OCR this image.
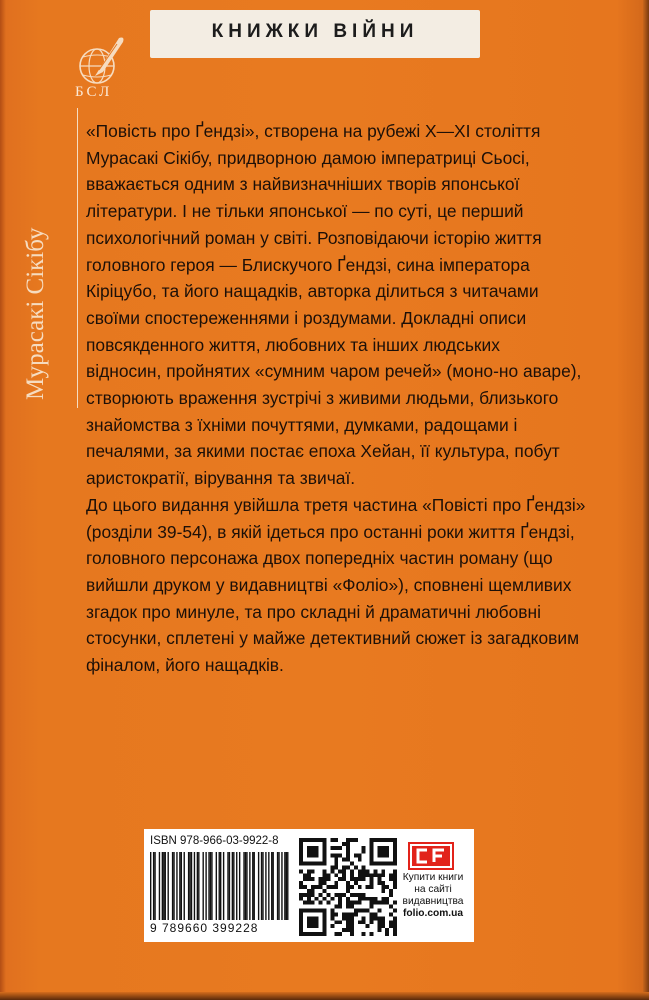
КНИЖКИ ВІЙНИ
БСЛ
Мурасакі Сікібу
«Повість про Ґендзі», створена на рубежі X—XI століття
Мурасакі Сікібу, придворною дамою імператриці Сьосі,
вважається одним з найвизначніших творів японської
літератури. І не тільки японської — по суті, це перший
психологічний роман у світі. Розповідаючи історію життя
головного героя — Блискучого Ґендзі, сина імператора
Кіріцубо, та його нащадків, авторка ділиться з читачами
своїми спостереженнями і роздумами. Докладні описи
повсякденного життя, любовних та інших людських
відносин, пройнятих «сумним чаром речей» (моно-но аваре),
створюють враження зустрічі з живими людьми, близького
знайомства з їхніми почуттями, думками, радощами і
печалями, за якими постає епоха Хейан, її культура, побут
аристократії, вірування та звичаї.
До цього видання увійшла третя частина «Повісті про Ґендзі»
(розділи 39-54), в якій ідеться про останні роки життя Ґендзі,
головного персонажа двох попередніх частин роману (що
вийшли друком у видавництві «Фоліо»), сповнені щемливих
згадок про минуле, та про складні й драматичні любовні
стосунки, сплетені у майже детективний сюжет із загадковим
фіналом, його нащадків.
ISBN 978-966-03-9922-8
9 789660 399228
Купити книги
на сайті
видавництва
folio.com.ua
